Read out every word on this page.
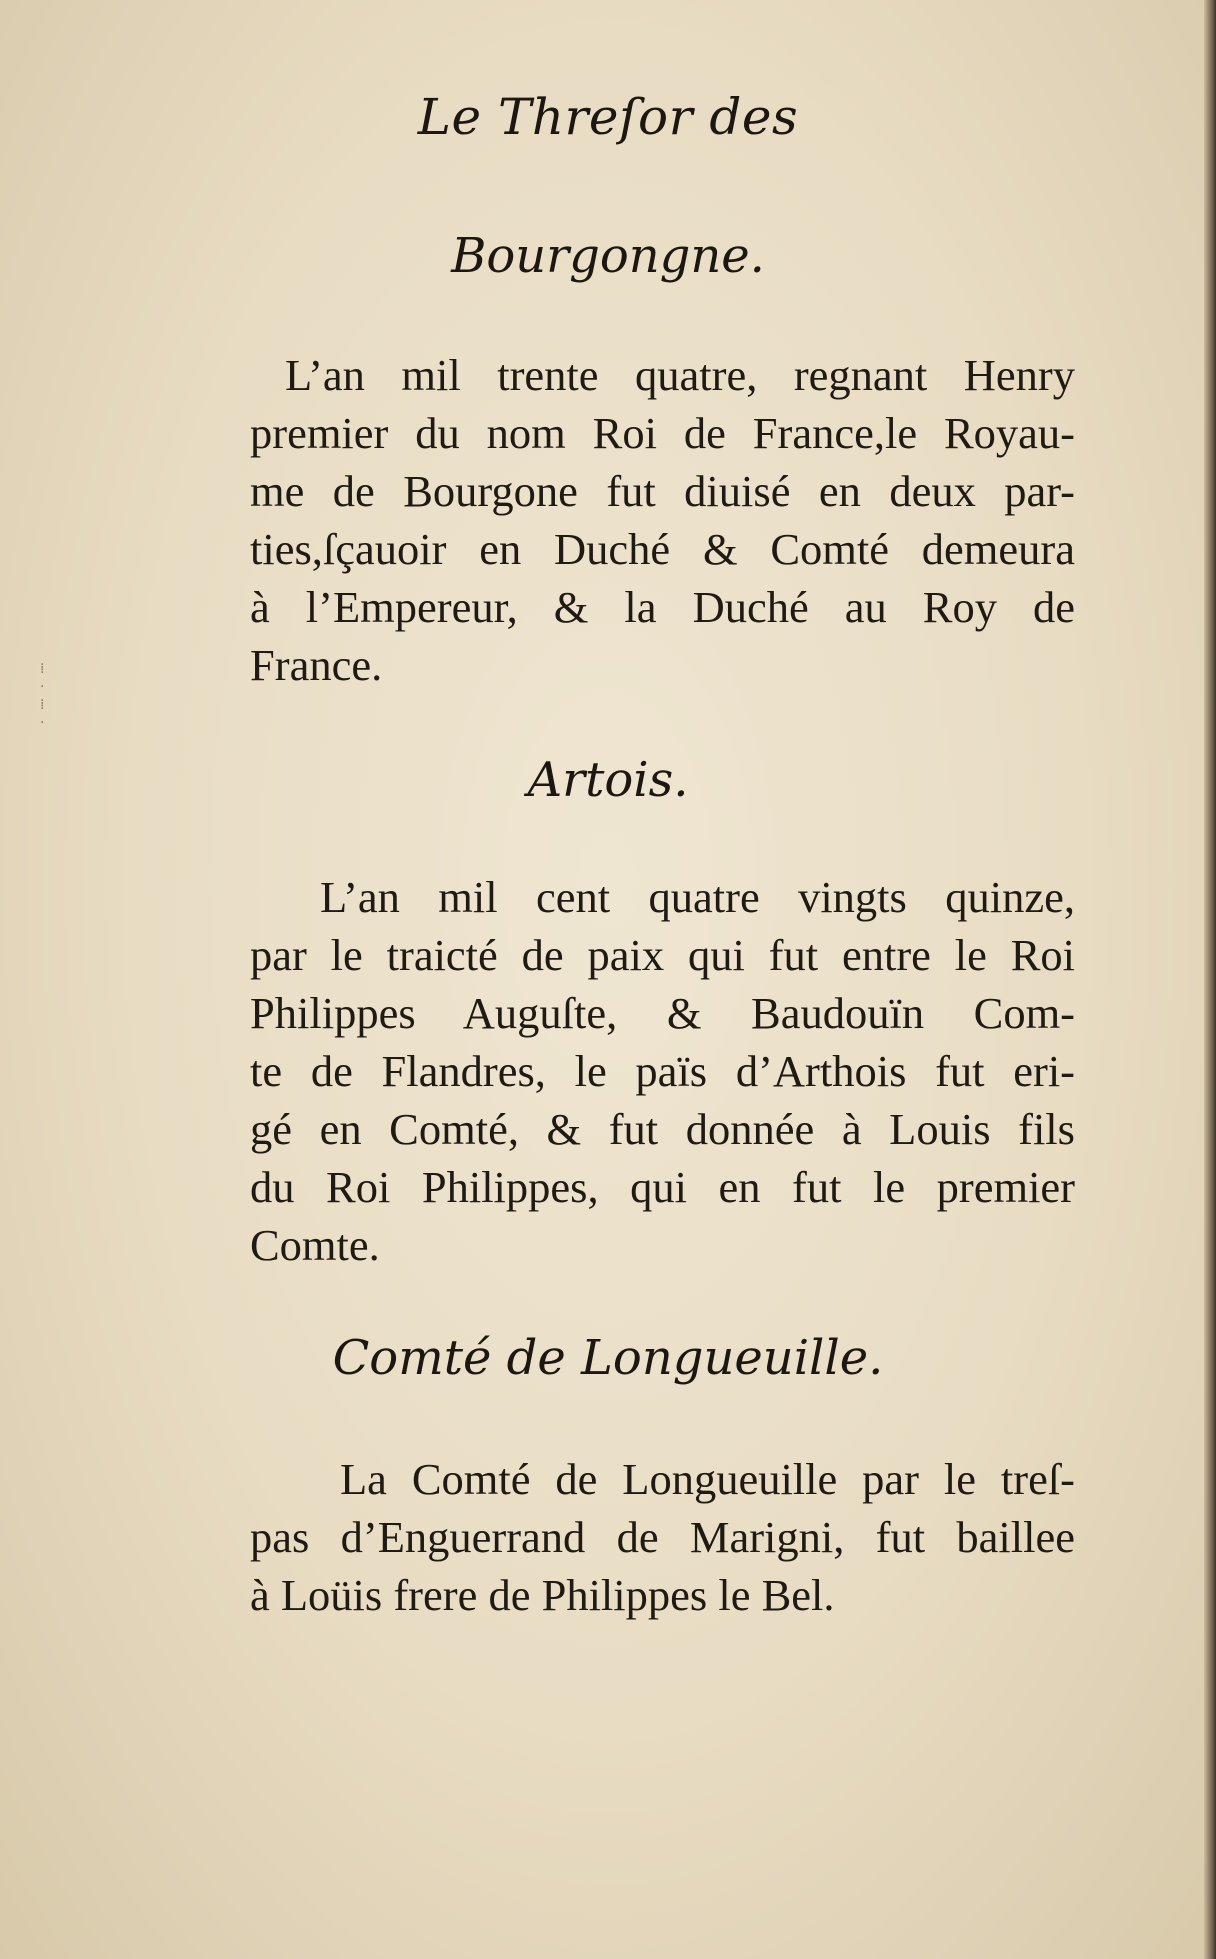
⁞
·
⁞
·
Le Threſor des
Bourgongne.
L’an mil trente quatre, regnant Henry
premier du nom Roi de France,le Royau-
me de Bourgone fut diuisé en deux par-
ties,ſçauoir en Duché & Comté demeura
à l’Empereur, & la Duché au Roy de
France.
Artois.
L’an mil cent quatre vingts quinze,
par le traicté de paix qui fut entre le Roi
Philippes Auguſte, & Baudouïn Com-
te de Flandres, le païs d’Arthois fut eri-
gé en Comté, & fut donnée à Louis fils
du Roi Philippes, qui en fut le premier
Comte.
Comté de Longueuille.
La Comté de Longueuille par le treſ-
pas d’Enguerrand de Marigni, fut baillee
à Loüis frere de Philippes le Bel.
